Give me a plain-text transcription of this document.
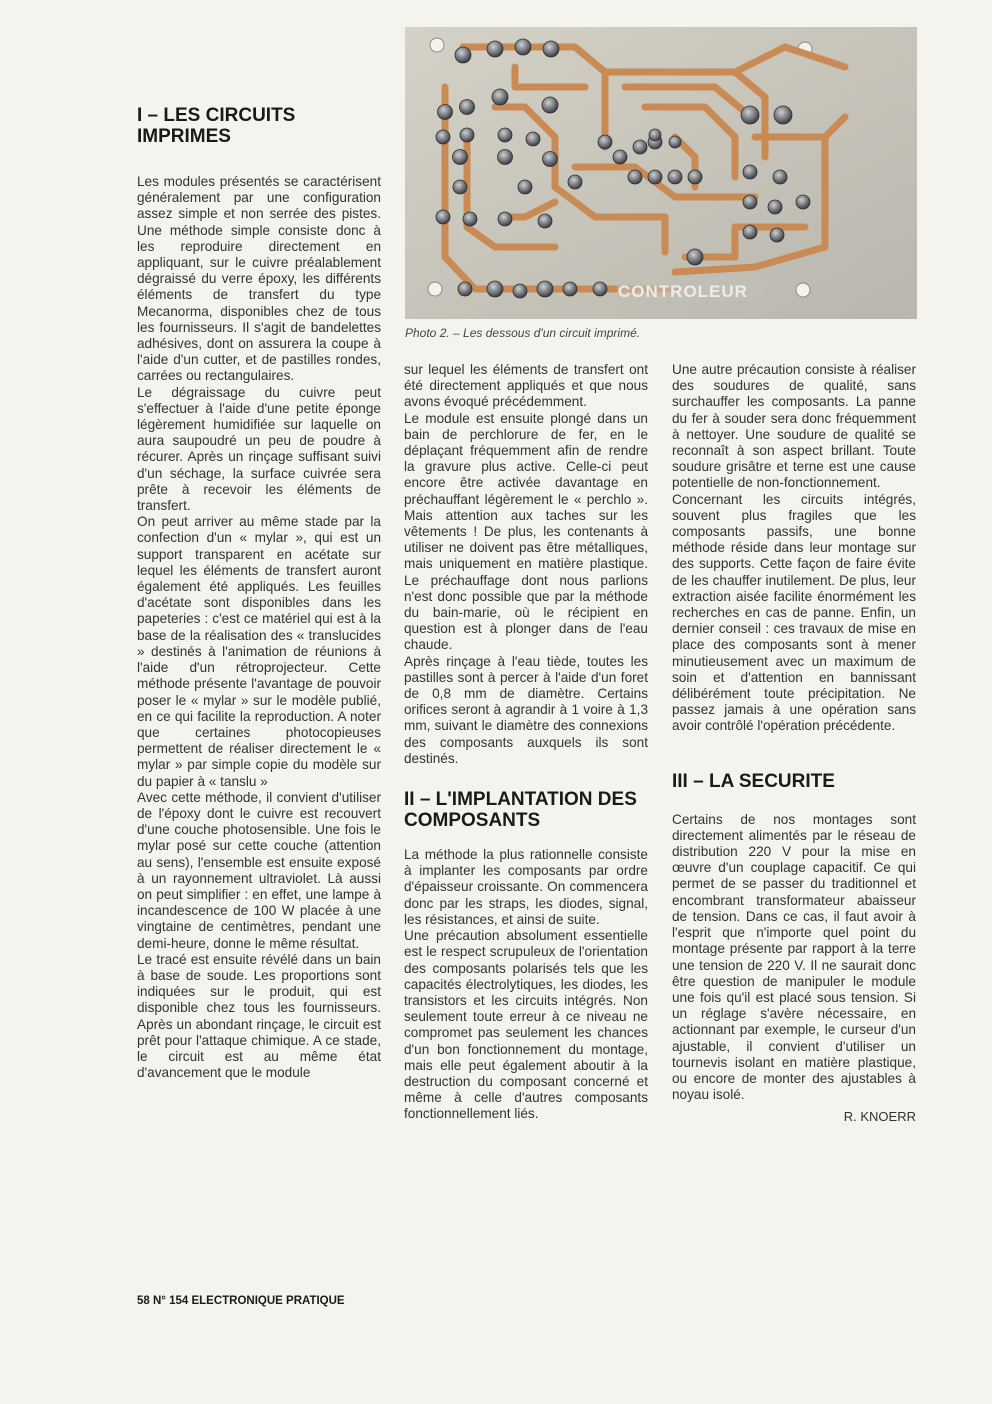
CONTROLEUR
Photo 2. – Les dessous d'un circuit imprimé.
I – LES CIRCUITS IMPRIMES

Les modules présentés se caractérisent généralement par une configuration assez simple et non serrée des pistes. Une méthode simple consiste donc à les reproduire directement en appliquant, sur le cuivre préalablement dégraissé du verre époxy, les différents éléments de transfert du type Mecanorma, disponibles chez de tous les fournisseurs. Il s'agit de bandelettes adhésives, dont on assurera la coupe à l'aide d'un cutter, et de pastilles rondes, carrées ou rectangulaires.

Le dégraissage du cuivre peut s'effectuer à l'aide d'une petite éponge légèrement humidifiée sur laquelle on aura saupoudré un peu de poudre à récurer. Après un rinçage suffisant suivi d'un séchage, la surface cuivrée sera prête à recevoir les éléments de transfert.

On peut arriver au même stade par la confection d'un « mylar », qui est un support transparent en acétate sur lequel les éléments de transfert auront également été appliqués. Les feuilles d'acétate sont disponibles dans les papeteries : c'est ce matériel qui est à la base de la réalisation des « translucides » destinés à l'animation de réunions à l'aide d'un rétroprojecteur. Cette méthode présente l'avantage de pouvoir poser le « mylar » sur le modèle publié, en ce qui facilite la reproduction. A noter que certaines photocopieuses permettent de réaliser directement le « mylar » par simple copie du modèle sur du papier à « tanslu »

Avec cette méthode, il convient d'utiliser de l'époxy dont le cuivre est recouvert d'une couche photosensible. Une fois le mylar posé sur cette couche (attention au sens), l'ensemble est ensuite exposé à un rayonnement ultraviolet. Là aussi on peut simplifier : en effet, une lampe à incandescence de 100 W placée à une vingtaine de centimètres, pendant une demi-heure, donne le même résultat.

Le tracé est ensuite révélé dans un bain à base de soude. Les proportions sont indiquées sur le produit, qui est disponible chez tous les fournisseurs. Après un abondant rinçage, le circuit est prêt pour l'attaque chimique. A ce stade, le circuit est au même état d'avancement que le module

sur lequel les éléments de transfert ont été directement appliqués et que nous avons évoqué précédemment.

Le module est ensuite plongé dans un bain de perchlorure de fer, en le déplaçant fréquemment afin de rendre la gravure plus active. Celle-ci peut encore être activée davantage en préchauffant légèrement le « perchlo ». Mais attention aux taches sur les vêtements ! De plus, les contenants à utiliser ne doivent pas être métalliques, mais uniquement en matière plastique. Le préchauffage dont nous parlions n'est donc possible que par la méthode du bain-marie, où le récipient en question est à plonger dans de l'eau chaude.

Après rinçage à l'eau tiède, toutes les pastilles sont à percer à l'aide d'un foret de 0,8 mm de diamètre. Certains orifices seront à agrandir à 1 voire à 1,3 mm, suivant le diamètre des connexions des composants auxquels ils sont destinés.

II – L'IMPLANTATION DES COMPOSANTS

La méthode la plus rationnelle consiste à implanter les composants par ordre d'épaisseur croissante. On commencera donc par les straps, les diodes, signal, les résistances, et ainsi de suite.

Une précaution absolument essentielle est le respect scrupuleux de l'orientation des composants polarisés tels que les capacités électrolytiques, les diodes, les transistors et les circuits intégrés. Non seulement toute erreur à ce niveau ne compromet pas seulement les chances d'un bon fonctionnement du montage, mais elle peut également aboutir à la destruction du composant concerné et même à celle d'autres composants fonctionnellement liés.

Une autre précaution consiste à réaliser des soudures de qualité, sans surchauffer les composants. La panne du fer à souder sera donc fréquemment à nettoyer. Une soudure de qualité se reconnaît à son aspect brillant. Toute soudure grisâtre et terne est une cause potentielle de non-fonctionnement.

Concernant les circuits intégrés, souvent plus fragiles que les composants passifs, une bonne méthode réside dans leur montage sur des supports. Cette façon de faire évite de les chauffer inutilement. De plus, leur extraction aisée facilite énormément les recherches en cas de panne. Enfin, un dernier conseil : ces travaux de mise en place des composants sont à mener minutieusement avec un maximum de soin et d'attention en bannissant délibérément toute précipitation. Ne passez jamais à une opération sans avoir contrôlé l'opération précédente.

III – LA SECURITE

Certains de nos montages sont directement alimentés par le réseau de distribution 220 V pour la mise en œuvre d'un couplage capacitif. Ce qui permet de se passer du traditionnel et encombrant transformateur abaisseur de tension. Dans ce cas, il faut avoir à l'esprit que n'importe quel point du montage présente par rapport à la terre une tension de 220 V. Il ne saurait donc être question de manipuler le module une fois qu'il est placé sous tension. Si un réglage s'avère nécessaire, en actionnant par exemple, le curseur d'un ajustable, il convient d'utiliser un tournevis isolant en matière plastique, ou encore de monter des ajustables à noyau isolé.

R. KNOERR
58 N° 154 ELECTRONIQUE PRATIQUE
